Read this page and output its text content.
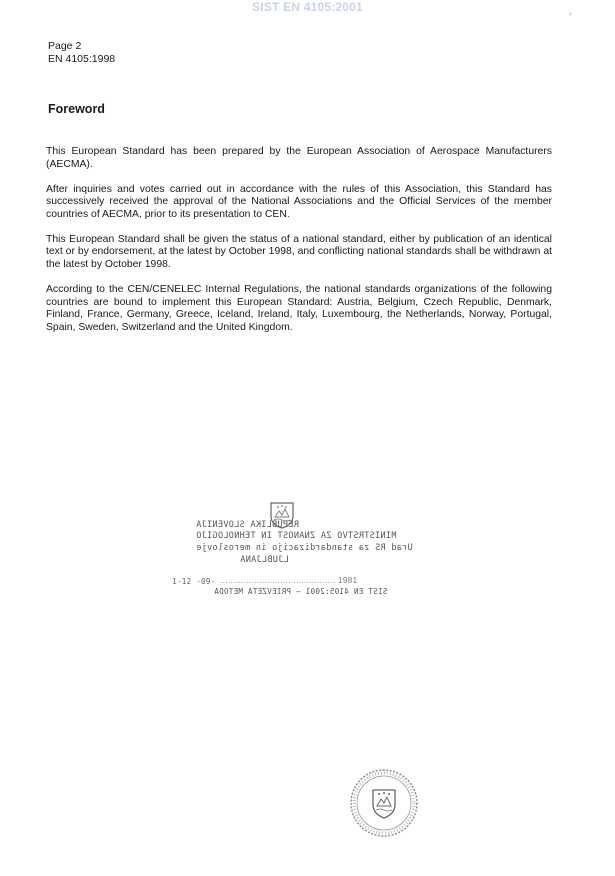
SIST EN 4105:2001
′
Page 2
EN 4105:1998
Foreword

This European Standard has been prepared by the European Association of Aerospace Manufacturers (AECMA).

After inquiries and votes carried out in accordance with the rules of this Association, this Standard has successively received the approval of the National Associations and the Official Services of the member countries of AECMA, prior to its presentation to CEN.

This European Standard shall be given the status of a national standard, either by publication of an identical text or by endorsement, at the latest by October 1998, and conflicting national standards shall be withdrawn at the latest by October 1998.

According to the CEN/CENELEC Internal Regulations, the national standards organizations of the following countries are bound to implement this European Standard: Austria, Belgium, Czech Republic, Denmark, Finland, France, Germany, Greece, Iceland, Ireland, Italy, Luxembourg, the Netherlands, Norway, Portugal, Spain, Sweden, Switzerland and the United Kingdom.

REPUBLIKA SLOVENIJA
MINISTRSTVO ZA ZNANOST IN TEHNOLOGIJO
Urad RS za standardizacijo in meroslovje
LJUBLJANA
1-12 -09- ............................................ 1981
SIST EN 4105:2001 — PRIEVZETA METODA
